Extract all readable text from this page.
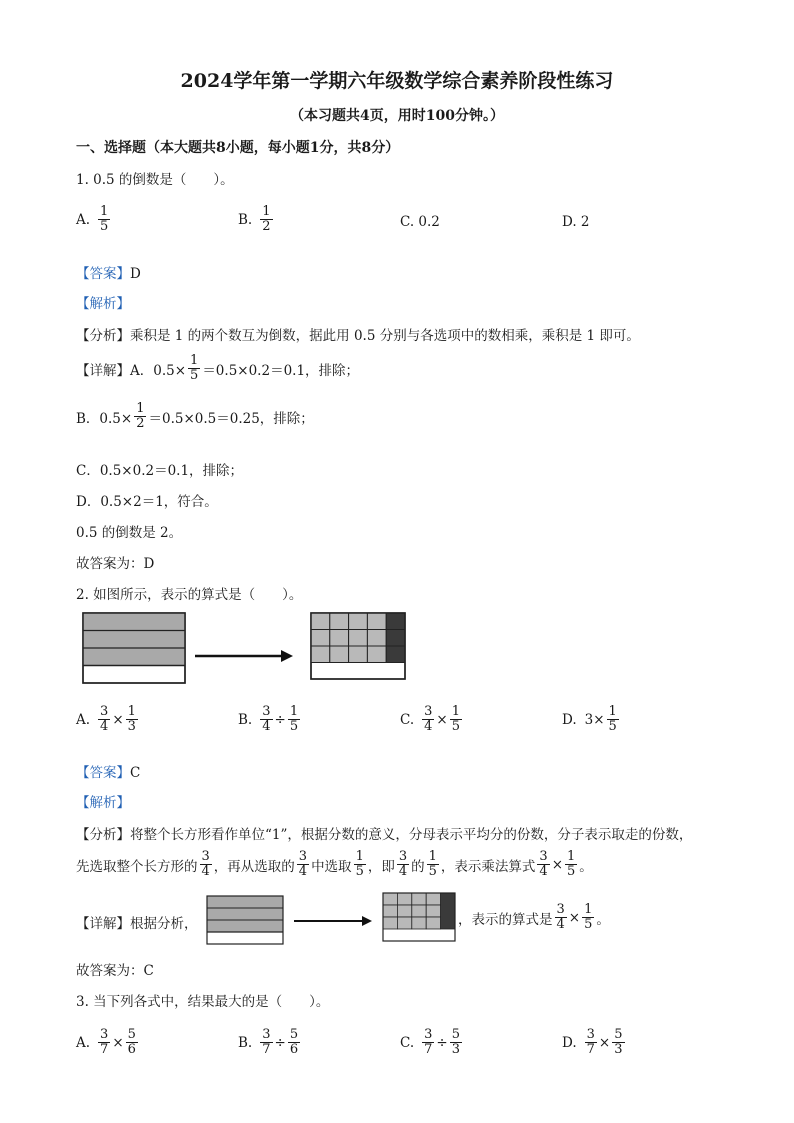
2024学年第一学期六年级数学综合素养阶段性练习
（本习题共4页，用时100分钟。）
一、选择题（本大题共8小题，每小题1分，共8分）
1. 0.5 的倒数是（　　）。
A. $\frac{1}{5}$	B. $\frac{1}{2}$	C. 0.2	D. 2
【答案】D
【解析】
【分析】乘积是 1 的两个数互为倒数，据此用 0.5 分别与各选项中的数相乘，乘积是 1 即可。
【详解】 A．$0.5\times \frac{1}{5} =0.5\times 0.2=0.1$，排除；
B．$0.5\times \frac{1}{2} =0.5\times 0.5=0.25$，排除；
C．0.5×0.2＝0.1，排除；
D．0.5×2＝1，符合。
0.5 的倒数是 2。
故答案为：D
2. 如图所示，表示的算式是（　　）。
A. $\frac{3}{4} \times \frac{1}{3}$	B. $\frac{3}{4} \div \frac{1}{5}$	C. $\frac{3}{4} \times \frac{1}{5}$	D. $3\times \frac{1}{5}$
【答案】C
【解析】
【分析】将整个长方形看作单位“1”，根据分数的意义，分母表示平均分的份数，分子表示取走的份数，
先选取整个长方形的 $\frac{3}{4}$ ，再从选取的 $\frac{3}{4}$ 中选取 $\frac{1}{5}$ ，即 $\frac{3}{4}$ 的 $\frac{1}{5}$ ，表示乘法算式 $\frac{3}{4} \times \frac{1}{5}$ 。
【详解】根据分析，	，表示的算式是 $\frac{3}{4} \times \frac{1}{5}$ 。
故答案为：C
3. 当下列各式中，结果最大的是（　　）。
A. $\frac{3}{7} \times \frac{5}{6}$	B. $\frac{3}{7} \div \frac{5}{6}$	C. $\frac{3}{7} \div \frac{5}{3}$	D. $\frac{3}{7} \times \frac{5}{3}$
